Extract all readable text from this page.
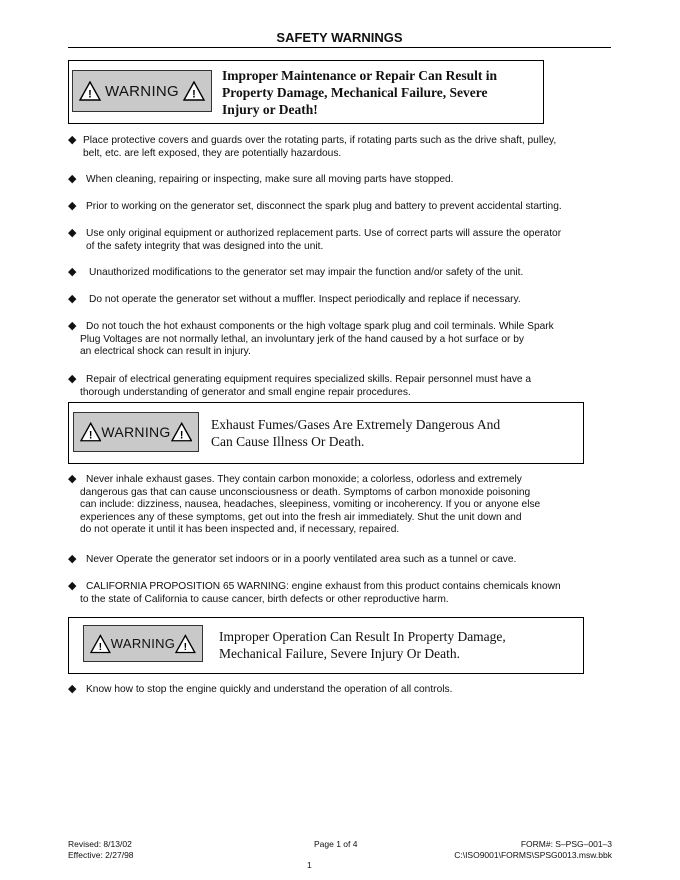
SAFETY WARNINGS
! WARNING !
Improper Maintenance or Repair Can Result in
Property Damage, Mechanical Failure, Severe
Injury or Death!
◆ Place protective covers and guards over the rotating parts, if rotating parts such as the drive shaft, pulley,
belt, etc. are left exposed, they are potentially hazardous.
◆ When cleaning, repairing or inspecting, make sure all moving parts have stopped.
◆ Prior to working on the generator set, disconnect the spark plug and battery to prevent accidental starting.
◆ Use only original equipment or authorized replacement parts. Use of correct parts will assure the operator
of the safety integrity that was designed into the unit.
◆ Unauthorized modifications to the generator set may impair the function and/or safety of the unit.
◆ Do not operate the generator set without a muffler. Inspect periodically and replace if necessary.
◆ Do not touch the hot exhaust components or the high voltage spark plug and coil terminals. While Spark
Plug Voltages are not normally lethal, an involuntary jerk of the hand caused by a hot surface or by
an electrical shock can result in injury.
◆ Repair of electrical generating equipment requires specialized skills. Repair personnel must have a
thorough understanding of generator and small engine repair procedures.
! WARNING !
Exhaust Fumes/Gases Are Extremely Dangerous And
Can Cause Illness Or Death.
◆ Never inhale exhaust gases. They contain carbon monoxide; a colorless, odorless and extremely
dangerous gas that can cause unconsciousness or death. Symptoms of carbon monoxide poisoning
can include: dizziness, nausea, headaches, sleepiness, vomiting or incoherency. If you or anyone else
experiences any of these symptoms, get out into the fresh air immediately. Shut the unit down and
do not operate it until it has been inspected and, if necessary, repaired.
◆ Never Operate the generator set indoors or in a poorly ventilated area such as a tunnel or cave.
◆ CALIFORNIA PROPOSITION 65 WARNING: engine exhaust from this product contains chemicals known
to the state of California to cause cancer, birth defects or other reproductive harm.
! WARNING !
Improper Operation Can Result In Property Damage,
Mechanical Failure, Severe Injury Or Death.
◆ Know how to stop the engine quickly and understand the operation of all controls.
Revised: 8/13/02
Effective: 2/27/98
Page 1 of 4	FORM#: S–PSG–001–3
C:\ISO9001\FORMS\SPSG0013.msw.bbk
1
